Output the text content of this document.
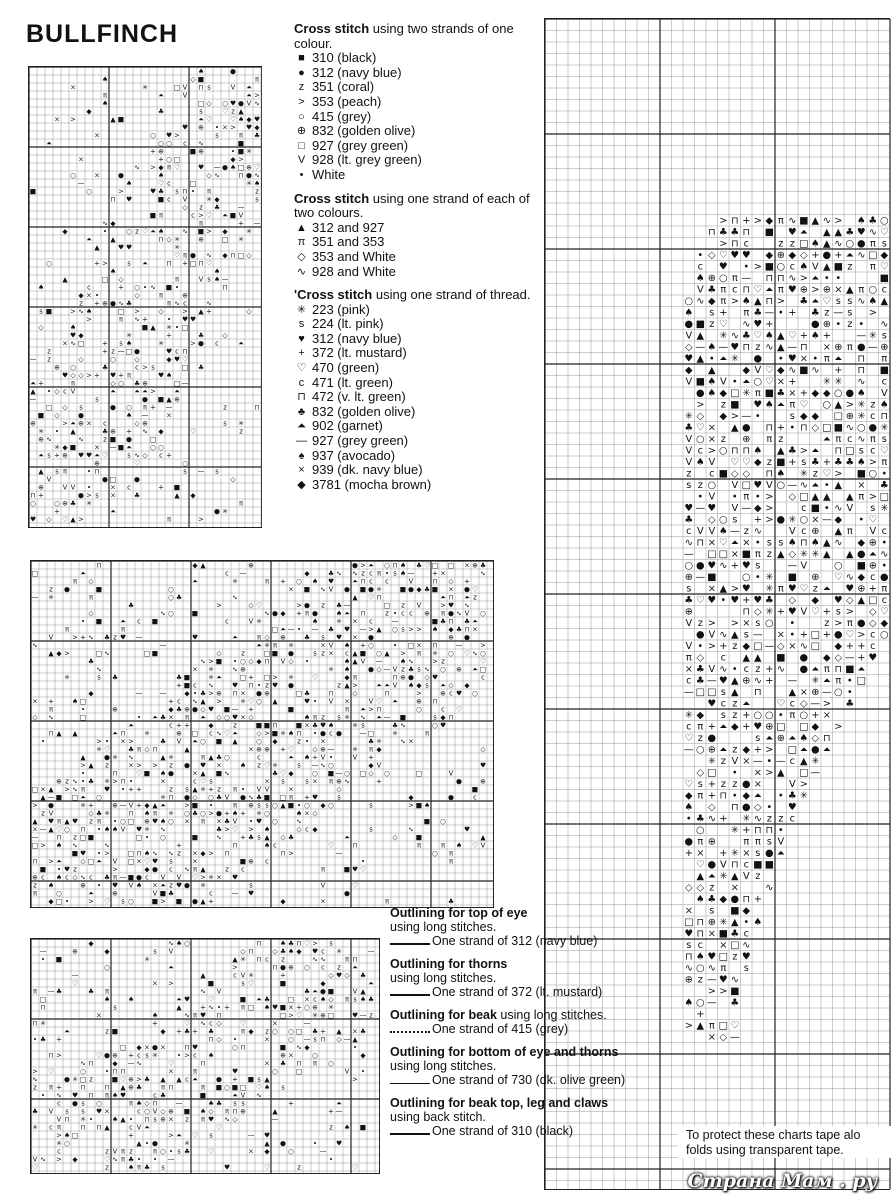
BULLFINCH	Cross stitch using two strands of one colour.
■ 310 (black)
● 312 (navy blue)
z 351 (coral)
> 353 (peach)
○ 415 (grey)
⊕ 832 (golden olive)
□ 927 (grey green)
V 928 (lt. grey green)
• White
Cross stitch using one strand of each of two colours.
▲ 312 and 927
π 351 and 353
◇ 353 and White
∿ 928 and White
'Cross stitch using one strand of thread.
✳ 223 (pink)
s 224 (lt. pink)
♥ 312 (navy blue)
+ 372 (lt. mustard)
♡ 470 (green)
c 471 (lt. green)
⊓ 472 (v. lt. green)
♣ 832 (golden olive)
⏶ 902 (garnet)
— 927 (grey green)
♠ 937 (avocado)
× 939 (dk. navy blue)
◆ 3781 (mocha brown)
■
—
⏶
▲
—
⊕
⊓
○
♥
♠
s
◇
+
■
✳
⊕
⏶
▲
⊕
+
⏶
○
■
z
z
•
□
∿
s
V
◇
×
⊕
◇
◇
•
✳
+
s
○
+
◆
▲
×
♥
c
◇
>
◆
⊕
π
V
⊕
♡
×
>
○
>
♠
♥
∿
○
◇
π
V
⏶
▲
■
V
♣
▲
×
—
◆
z
∿
◆
□
◇
◇
s
●
⊕
∿
♥
●
>
◆
○
⏶
c
×
♠
>
>
×
♥
•
•
>
✳
×
×
▲
+
•
+
+
s
×
⏶
⊕
⊓
s
♠
π
♠
∿
•
>
□
⊕
+
+
♣
c
♣
z
♡
●
▲
⊓
◆
▲
♠
●
z
○
♥
◇
⏶
●
⊕
■
—
□
×
×
⏶
■
●
>
♥
◇
+
∿
□
π
s
—
+
○
■
♠
♥
○
♥
s
♣
✳
♠
□
π
○
♠
+
●
⏶
s
c
∿
z
○
◇
>
∿
●
◇
c
♣
⏶
◇
∿
♡
●
♣
✳
♡
⏶
•
+
■
>
⊕
⏶
●
π
—
⊕
∿
◇
○
+
>
♥
■
⏶
∿
▲
s
>
+
□
○
⏶
♣
○
⊕
+
◆
♠
♡
♣
■
π
♠
⊓
π
◇
✳
♥
■
◆
○
c
+
♥
○
○
π
c
c
◇
⊓
■
π
•
✳
+
♥
◆
♠
▲
—
×
+
π
□
>
□
♡
s
✳
✳
♡
π
•
∿
•
c
♥
□
⏶
⊕
■
▲
V
V
♥
c
⊓
V
◇
∿
π
+
⊕
c
>
♥
□
⊓
♡
□
—
○
s
◇
■
□
•
c
●
□
♥
>
♡
◆
♠
■
⊓
□
s
⏶
⊕
∿
⊕
♥
z
>
π
■
⊕
⊓
V
▲
♣
●
♣
—
>
s
◇
♡
◇
π
✳
♡
>
∿
♡
s
∿
+
•
s
—
∿
◆
♣
♠
♠
c
s
●
○
♡
×
●
⏶
◆
□
◆
—
⊓
◇
z
s
✳
●
V
♥
z
♡
>
•
◆
♠
■
⊓
◇
●
▲
♠
π
■
■
>
□
⊓
—
V
+
✳
□
⏶
✳
z
π
⏶
⏶
V
◆
♥
✳
⊕
●
✳
✳
◇
◇
π
>
∿
♥
◆
♣
♡
∿
♠
z
s
—
⊓
□
—
∿
×
◇
□
>
▲
×
—
□
⊓
⊕
z
π
•
×
▲
z
—
>
■
c
z
✳
V
▲
+
π
∿
⊓
▲
—
●
V
♥
▲
>
♠
◆
◆
▲
⊕
■
π
♡
⊓
♠
⏶
•
♠
○
□
●
π
>
✳
z
>
▲
○
♥
c
•
π
>
♠
▲
∿
∿
□
♥
z
∿
■
z
◇
⏶
•
+
□
•
□
▲
>
•
•
π
⏶
✳
⊓
□
♥
◇
∿
⊕
◇
π
◇
∿
♣
◆
▲
♣
+
◇
z
■
□
c
⏶
>
⊓
■
■
□
∿
s
>
✳
○
♣
π
•
•
⏶
•
♣
∿
•
♡
●
z
✳
♥
✳
♠
∿
>
♣
♡
z
♣
⊕
⏶
✳
⊓
>
⊕
•
♠
V
>
π
♥
⊕
⏶
π
♥
⊓
×
⊓
•
—
○
V
—
s
♣
⏶
>
♣
∿
×
•
+
V
⊓
□
□
□
■
V
○
c
—
—
•
π
>
♡
+
+
♥
□
⊓
×
●
♠
□
✳
◇
■
◆
♠
⊕
✳
•
♠
♡
◆
c
■
■
⏶
⊓
>
▲
π
♥
∿
♥
●
×
V
■
∿
—
—
♣
♣
▲
♠
×
✳
⏶
♠
∿
○
V
⏶
■
>
○
○
○
+
◆
×
c
✳
z
●
z
⊓
✳
○
∿
s
c
z
♣
♣
♣
+
c
♣
+
⊕
V
+
z
V
♥
■
■
■
◆
⊕
π
+
▲
●
s
●
>
○
×
∿
●
◆
⏶
■
♥
×
c
•
∿
●
□
⏶
×
c
▲
◇
■
♣
■
×
×
π
♡
●
▲
∿
♣
▲
◇
⏶
○
π
♥
▲
♡
✳
○
π
◆
▲
>
✳
▲
>
✳
✳
∿
>
♥
◆
c
▲
s
+
○
•
>
>
✳
c
+
>
◇
■
⏶
⊕
>
◇
∿
■
♣
×
■
z
♣
●
×
♣
∿
×
c
c
■
○
♡
○
∿
V
+
♣
>
⊓
z
✳
∿
⏶
•
∿
♥
⊓
—
♥
z
⏶
▲
π
π
♠
V
♡
⊓
♥
—
—
z
○
⊕
□
×
✳
×
♠
•
●
+
+
■
c
⊕
◇
V
◇
+
⊓
♡
+
◇
×
∿
⊕
•
>
♣
⊕
s
♥
♡
✳
π
⏶
◆
•
●
○
■
◇
○
⊕
c
z
V
♣
s
✳
♥
s
π
∿
◇
✳
□
⊓
□
z
⊕
■
>
⊕
♡
×
V
■
s
○
♠
▲
♠
c
●
□
π
■
>
♥
▲
⊓
■
◆
✳
♣
○
○
c
+
◆
⏶
⊕
V
✳
+
♡
s
□
▲
◇
⊓
◆
×
—
✳
●
◇
✳
●
■
♠
♡
⏶
◆
×
π
■
♣
>
○
>
+
•
□
■
⊓
z
s
•
♠
∿
◇
◆
■
●
π
♣
•
♣
♥
♠
×
•
♠
s
+
○
×
c
♠
●
♠
—
s
♡
•
π
♣
•
◇
+
—
○
×
♥
◇
◆
∿
z
s
×
z
z
♥
●
×
⊕
V
∿
◆
π
V
×
♣
♥
V
♣
V
×
✳
⊓
V
♠
c
—
•
○
■
π
○
♡
∿
♣
♠
✳
♥
z
s
●
—
⊕
◇
s
—
●
—
⏶
♥
♠
c
♠
♠
◆
▲
×
π
✳
○
∿
⏶
■
●
●
∿
⏶
▲
×
×
▲
▲
π
>
◇
✳
✳
V
⊓
♥
♡
>
z
⊓
■
⊓
—
+
■
V
⏶
∿
s
—
□
•
♡
⏶
c
c
●
♡
c
>
●
○
●
V
>
□
♣
π
+
◆
◇
s
s
π
✳
⊓
▲
○
—
◇
⏶
♡
⊓
⏶
✳
◆
V
+
○
•
c
□
z
▲
—
⏶
⊓
—
○
π
⊓
s
•
—
○
•
V
⊓
V
⏶
♣
✳
◇
♠
♠
■
z
c
s
>
♠
z
⊕
■
∿
∿
—
V
●
c
>
□
∿
♣
●
♠
×
◆
>
∿
♣
◆
V
>
×
π
s
◆
>
⊕
○
□
■
■
π
♡
♣
⊕
∿
◇
s
π
♠
■
□
+
⊓
■
■
♠
⊓
✳
>
♥
⊓
s
○
○
×
⏶
>
π
♣
z
○
⏶
⊕
c
◆
♥
○
π
□
◇
×
⊓
♥
●
⊓
◆
⊕
○
◇
c
⊓
V
●
π
π
♣
∿
♣
—
⊕
♥
♡
●
♠
×
+
●
⏶
∿
V
♣
⊓
●
♡
◆
♥
⊕
♡
z
⏶
×
∿
⏶
○
■
c
♡
♣
∿
○
>
○
♡
□
c
◇
♥
⊕
▲
V
π
⊓
•
>
∿
z
♣
✳
V
♡
—
•
□
⊓
✳
♣
•
∿
—
⊓
♡
π
V
c
■
♣
+
>
+
∿
c
V
π
>
✳
c
>
⏶
●
s
⊓
♠
○
⊕
—
♡
✳
♥
●
□
◆
∿
○
□
⊓
s
s
✳
⊓
◆
♣
⊓
z
⊓
•
×
♡
○
♥
⊓
◆
○
π
♠
z
●
•
⊓
π
×
▲
z
♡
z
s
■
⊕
◆
⊓
■
♠
♠
V
∿
□
⊓
♡
▲
♥
▲
π
π
♠
+
—
⊕
⊕
π
•
c
+
z
♣
♠
◆
c
∿
>
♣
♠
c
V
▲
•
π
✳
×
s
♣
◇
○
⊓
⏶
•
♣
s
×
♠
+
●
✳
c
⊓
V
s
●
π
•
◆
×
▲
π
♣
◇
⊕
○
s
∿
V
⏶
>
♡
×
⊓
⊕
×
>
•
—
♠
⏶
▲
+
•
▲
—
⏶
s
○
♥
∿
♡
♣
⊓
>
c
■
z
✳
♣
π
+
♥
c
π
⏶
♡
▲
∿
+
♥
∿
⊓
π
■
♠
π
■
♡
∿
c
♣
⊓
♠
♠
◇
♥
s
♡
V
•
⊓
◇
◇
●
■
♣
♡
+
○
π
∿
♥
▲
>
c
•
○
♥
+
■
⏶
s
⊓
◇
◇
✳
V
s
■
π
♡
π
⊓
□
V
s
⊕
⊓
✳
♡
□
◆
■
—
×
⊓
⊓
⏶
s
♡
∿
c
♣
♠
z
×
×
▲
♠
♥
▲
◆
♡
◇
⊓
♥
×
○
○
▲
—
♠
♣
z
●
+
■
■
□
■
⊕
♣
s
●
♣
♠
⊕
□
×
>
○
○
×
+
○
⊓
◆
+
♡
□
∿
⊓
□
z
♡
○
♣
×
○
—
—
◆
>
♥
∿
⏶
c
⊕
✳
♣
s
○
π
•
c
∿
c
◆
●
♠
⊕
+
⊓
—
s
◇
■
◇
✳
□
○
+
z
•
✳
z
♥
▲
◇
⏶
—
♥
π
◇
π
—
V
♠
⊓
⏶
V
s
♥
×
▲
•
>
♡
♣
▲
♠
—
♣
◆
•
■
—
⏶
♣
z
○
♠
●
V
◇
♥
◆
V
✳
♣
V
V
V
z
s
♥
♣
c
∿
—
○
⊕
s
♣
⊕
V
V
π
×
c
—
✳
c
♡
—
♡
◆
♠
•
●
+
◇
×
□
♥
s
⊓
∿
⊕
♠
>
•
c
♠
V
∿
■
▲
—
▲
■
●
>
◇
♡
○
c
♠
z
•
—
V
⊓
●
—
♡
z
●
•
◇
♣
♣
□
◆
π
z
○
◇
s
π
♣
○
π
×
♡
▲
◇
♠
⊓
⊓
c
♠
○
z
○
+
▲
⊓
◇
⊕
♣
◆
s
z
♠
•
▲
♠
♠
×
×
>
V
c
○
V
♥
◇
V
×
□
♥
■
×
♥
>
V
>
V
—
□
♥
+
●
⊕
✳
□
+
+
◇
∿
⊕
●
⏶
z
♣
s
⊕
×
♥
∿
—
>
—
π
×
>
♣
>
♡
♥
○
π
π
+
♡
✳
—
⏶
V
◆
z
◆
z
○
■
○
♠
♡
□
∿
▲
•
∿
+
c
∿
♥
s
c
s
⏶
⏶
z
z
⊓
+
+
V
✳
◆
✳
■
×
□
π
♥
>
□
◇
⊓
♣
⊓
♥
π
c
>
∿
♥
✳
•
□
■
>
▲
⊓
♡
◇
V
•
V
s
—
⏶
×
+
>
♥
>
▲
z
•
▲
▲
z
z
◆
z
V
•
z
•
⊓
✳
✳
⊓
▲
×
●
■
▲
♣
□
z
∿
■
♣
♡
—
+
⊓
c
♥
•
—
⊓
♠
π
∿
♣
⊓
◆
⏶
✳
—
●
⊕
⊓
♡
◇
□
π
—
z
×
■
♥
○
♥
+
⊓
×
s
◆
▲
c
⊕
⏶
+
+
◆
×
●
◆
●
✳
+
π
×
c
V
⊓
◆
•
c
∿
♥
s
>
>
♡
▲
♣
♥
♡
z
●
V
○
π
♥
•
♠
◆
♥
•
◆
+
∿
•
π
s
•
♥
◇
s
—
□
▲
z
∿
⊓
○
♥
s
+
—
×
×
⏶
◇
∿
⊓
π
s
■
z
+
♠
◆
■
◆
■
⊓
⏶
⊓
—
+
♠
∿
♡
♡
■
♠
⊓
π
z
⊓
V
>
>
>
s
z
✳
✳
♣
✳
○
—
+
+
○
⊕
⏶
>
•
>
•
z
⊓
s
●
■
∿
π
z
⊕
○
⊓
π
>
•
▲
▲
•
◆
×
♣
⏶
+
z
▲
■
♠
○
●
s
▲
π
+
×
◇
■
∿
♡
•
□
⊕
—
▲
•
z
•
V
⏶
∿
♥
z
◆
c
∿
♥
+
♡
—
♥
∿
+
×
π
s
•
♣
+
—
◇
✳
V
♠
◇
—
■
♥
◇
♥
•
•
×
—
▲
c
π
⏶
□
c
V
♣
♥
c
■
⏶
□
◇
♠
>
⊕
♣
+
⊓
×
■
+
♡
◆
⊓
>
s
✳
∿
□
c
○
c
⊓
✳
V
♡
V
+
∿
●
●
×
◇
○
□
♠
⏶
▲
□
>
✳
▲
♠
+
V
⏶
>
⏶
♣
●
♠
•
∿
◆
◆
◇
⏶
♣
z
⏶
▲
■
×
⊕
♠
✳
⊕
z
◆
♡
□
□
⏶
✳
⊕
—
+
◆
◇
●
✳
—
∿
▲
▲
●
▲
•
⊕
♡
z
⊕
+
×
π
✳
◆
○
□
⏶
+
♡
•
▲
•
—
▲
▲
⏶
+
z
+
◆
π
⏶
—
>
×
⊓
⏶
>
▲
∿
+
■
•
×
s
—
•
⊕
⏶
+
✳
○
▲
□
■
π
⊓
♣
>
▲
∿
◆
▲
∿
○
♡
♥
s
>
●
◆
◇
⊓
π
○
>
♣
○
⏶
z
▲
s
s
z
π
●
>
⊕
∿
c
□
♣
▲
V
π
▲
∿
♥
◇
>
π
♡
+
—
■
•
•
♣
♠
♥
●
∿
π
∿
•
—
●
⊓
⊓
∿
♠
✳
✳
○
∿
s
♠
■
×
π
•
◆
●
■
◆
⊕
▲
●
>
+
+
⏶
□
♣
∿
π
□
π
○
♠
>
✳
—
z
c
●
π
c
>
○
>
s
♡
V
⊕
⏶
⊕
c
+
□
◇
◇
c
c
♥
○
♡
s
◆
♡
■
c
▲
∿
s
⊕
π
■
c
V
♠
⊓
✳
s
♡
π
•
♣
□
✳
c
•
∿
•
●
π
c
♡
◆
○
Outlining for top of eye
using long stitches.
One strand of 312 (navy blue)
Outlining for thorns
using long stitches.
One strand of 372 (lt. mustard)
Outlining for beak using long stitches.
One strand of 415 (grey)
Outlining for bottom of eye and thorns
using long stitches.
One strand of 730 (dk. olive green)
Outlining for beak top, leg and claws
using back stitch.
One strand of 310 (black)	To protect these charts tape alo
folds using transparent tape.
Страна Мам . ру
